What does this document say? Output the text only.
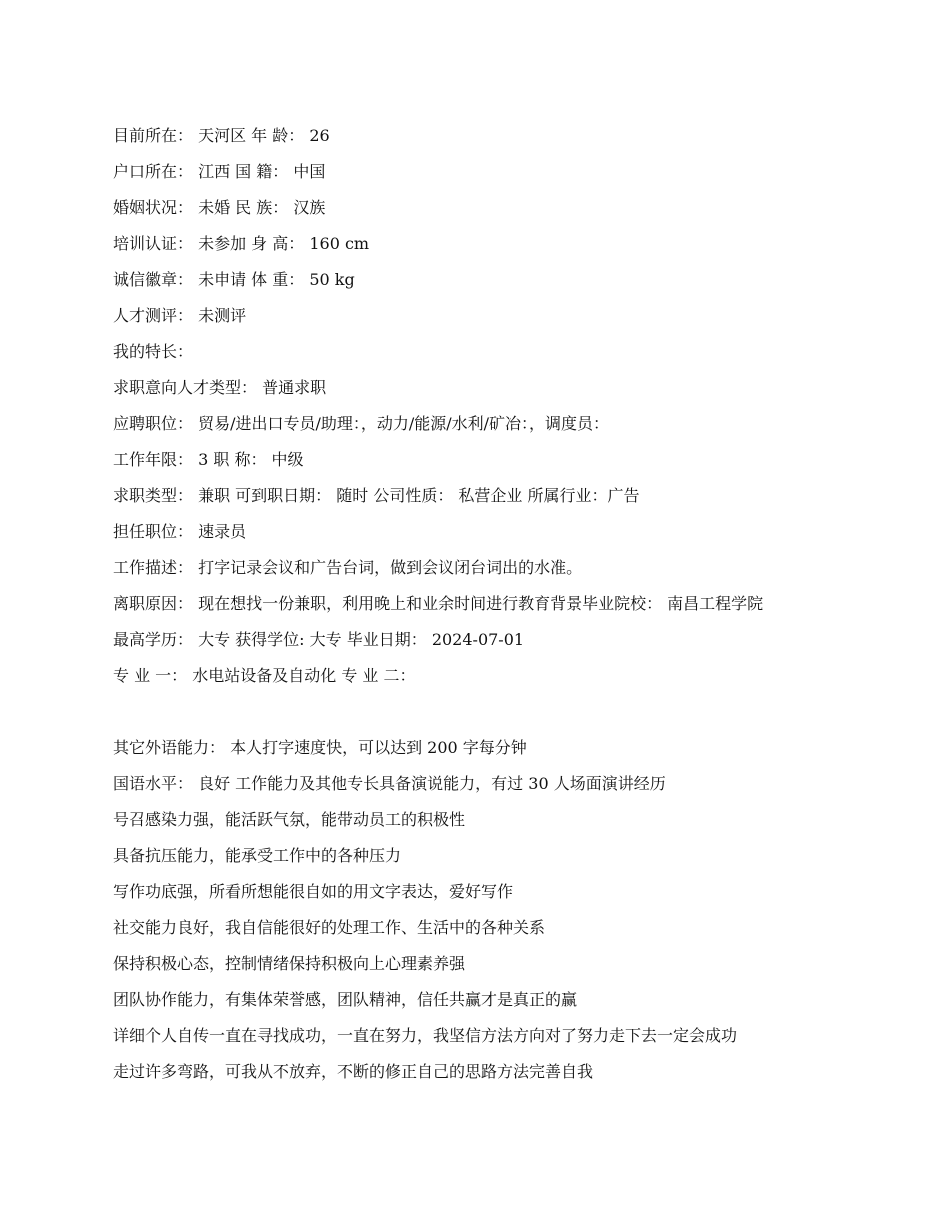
目前所在： 天河区 年 龄： 26
户口所在： 江西 国 籍： 中国
婚姻状况： 未婚 民 族： 汉族
培训认证： 未参加 身 高： 160 cm
诚信徽章： 未申请 体 重： 50 kg
人才测评： 未测评
我的特长：
求职意向人才类型： 普通求职
应聘职位： 贸易/进出口专员/助理：，动力/能源/水利/矿冶：，调度员：
工作年限： 3 职 称： 中级
求职类型： 兼职 可到职日期： 随时 公司性质： 私营企业 所属行业：广告
担任职位： 速录员
工作描述： 打字记录会议和广告台词，做到会议闭台词出的水准。
离职原因： 现在想找一份兼职，利用晚上和业余时间进行教育背景毕业院校： 南昌工程学院
最高学历： 大专 获得学位: 大专 毕业日期： 2024-07-01
专 业 一： 水电站设备及自动化 专 业 二：
其它外语能力： 本人打字速度快，可以达到 200 字每分钟
国语水平： 良好 工作能力及其他专长具备演说能力，有过 30 人场面演讲经历
号召感染力强，能活跃气氛，能带动员工的积极性
具备抗压能力，能承受工作中的各种压力
写作功底强，所看所想能很自如的用文字表达，爱好写作
社交能力良好，我自信能很好的处理工作、生活中的各种关系
保持积极心态，控制情绪保持积极向上心理素养强
团队协作能力，有集体荣誉感，团队精神，信任共赢才是真正的赢
详细个人自传一直在寻找成功，一直在努力，我坚信方法方向对了努力走下去一定会成功
走过许多弯路，可我从不放弃，不断的修正自己的思路方法完善自我
